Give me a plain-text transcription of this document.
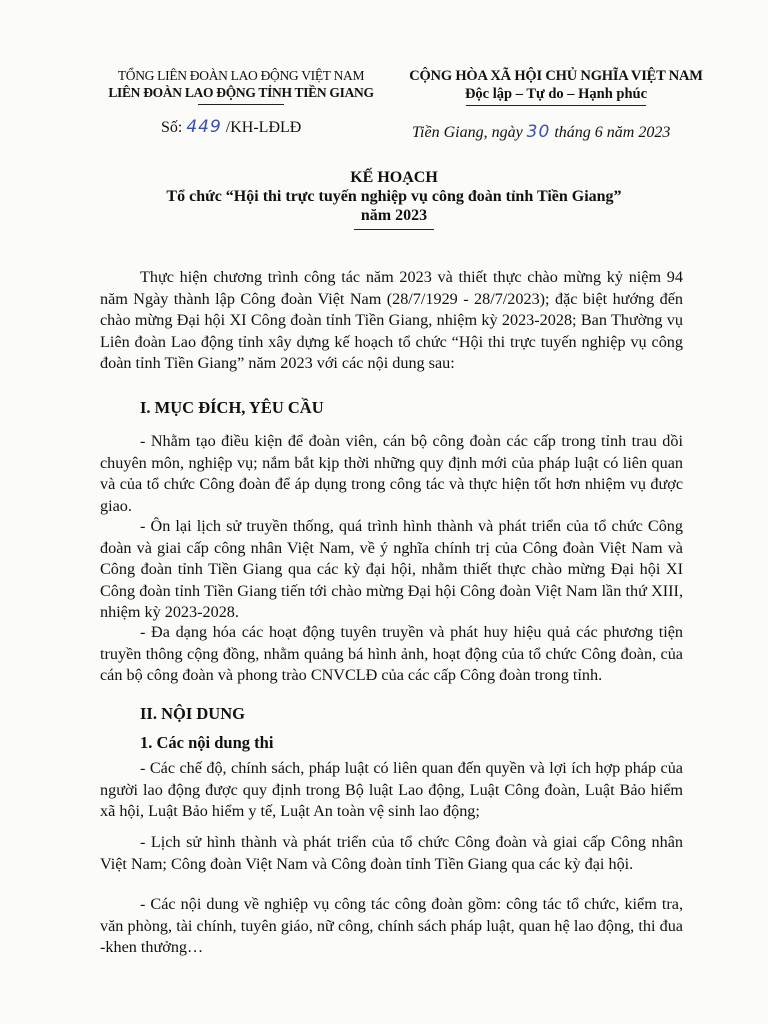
TỔNG LIÊN ĐOÀN LAO ĐỘNG VIỆT NAM
LIÊN ĐOÀN LAO ĐỘNG TỈNH TIỀN GIANG
CỘNG HÒA XÃ HỘI CHỦ NGHĨA VIỆT NAM
Độc lập – Tự do – Hạnh phúc
Số: 449 /KH-LĐLĐ	Tiền Giang, ngày 30 tháng 6 năm 2023
KẾ HOẠCH
Tổ chức “Hội thi trực tuyến nghiệp vụ công đoàn tỉnh Tiền Giang”
năm 2023
Thực hiện chương trình công tác năm 2023 và thiết thực chào mừng kỷ niệm 94 năm Ngày thành lập Công đoàn Việt Nam (28/7/1929 - 28/7/2023); đặc biệt hướng đến chào mừng Đại hội XI Công đoàn tỉnh Tiền Giang, nhiệm kỳ 2023-2028; Ban Thường vụ Liên đoàn Lao động tỉnh xây dựng kế hoạch tổ chức “Hội thi trực tuyến nghiệp vụ công đoàn tỉnh Tiền Giang” năm 2023 với các nội dung sau:
I. MỤC ĐÍCH, YÊU CẦU
- Nhằm tạo điều kiện để đoàn viên, cán bộ công đoàn các cấp trong tỉnh trau dồi chuyên môn, nghiệp vụ; nắm bắt kịp thời những quy định mới của pháp luật có liên quan và của tổ chức Công đoàn để áp dụng trong công tác và thực hiện tốt hơn nhiệm vụ được giao.
- Ôn lại lịch sử truyền thống, quá trình hình thành và phát triển của tổ chức Công đoàn và giai cấp công nhân Việt Nam, về ý nghĩa chính trị của Công đoàn Việt Nam và Công đoàn tỉnh Tiền Giang qua các kỳ đại hội, nhằm thiết thực chào mừng Đại hội XI Công đoàn tỉnh Tiền Giang tiến tới chào mừng Đại hội Công đoàn Việt Nam lần thứ XIII, nhiệm kỳ 2023-2028.
- Đa dạng hóa các hoạt động tuyên truyền và phát huy hiệu quả các phương tiện truyền thông cộng đồng, nhằm quảng bá hình ảnh, hoạt động của tổ chức Công đoàn, của cán bộ công đoàn và phong trào CNVCLĐ của các cấp Công đoàn trong tỉnh.
II. NỘI DUNG
1. Các nội dung thi
- Các chế độ, chính sách, pháp luật có liên quan đến quyền và lợi ích hợp pháp của người lao động được quy định trong Bộ luật Lao động, Luật Công đoàn, Luật Bảo hiểm xã hội, Luật Bảo hiểm y tế, Luật An toàn vệ sinh lao động;
- Lịch sử hình thành và phát triển của tổ chức Công đoàn và giai cấp Công nhân Việt Nam; Công đoàn Việt Nam và Công đoàn tỉnh Tiền Giang qua các kỳ đại hội.
- Các nội dung về nghiệp vụ công tác công đoàn gồm: công tác tổ chức, kiểm tra, văn phòng, tài chính, tuyên giáo, nữ công, chính sách pháp luật, quan hệ lao động, thi đua -khen thưởng…
